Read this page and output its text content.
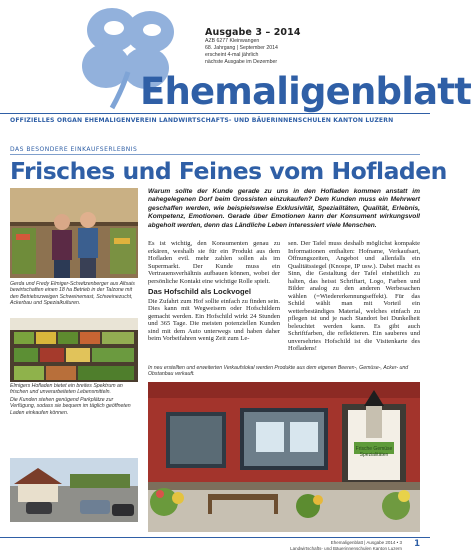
Ausgabe 3 – 2014
AZB 6277 Kleinwangen
68. Jahrgang | September 2014
erscheint 4-mal jährlich
nächste Ausgabe im Dezember
Ehemaligenblatt
OFFIZIELLES ORGAN EHEMALIGENVEREIN LANDWIRTSCHAFTS- UND BÄUERINNENSCHULEN KANTON LUZERN
DAS BESONDERE EINKAUFSERLEBNIS
Frisches und Feines vom Hofladen
Gerda und Fredy Elmiger-Schwitzenberger aus Altsais bewirtschaften einen 18 ha Betrieb in der Talzone mit den Betriebszweigen Schweinemast, Schweinezucht, Ackerbau und Spezialkulturen.
Elmigers Hofladen bietet ein breites Spektrum an frischen und unverarbeiteten Lebensmitteln.
Die Kunden stehen genügend Parkplätze zur Verfügung, sodass sie bequem im täglich geöffneten Laden einkaufen können.
Warum sollte der Kunde gerade zu uns in den Hofladen kommen anstatt im nahegelegenen Dorf beim Grossisten einzukaufen? Dem Kunden muss ein Mehrwert geschaffen werden, wie beispielsweise Exklusivität, Spezialitäten, Qualität, Erlebnis, Kompetenz, Emotionen. Gerade über Emotionen kann der Konsument wirkungsvoll abgeholt werden, denn das Ländliche Leben interessiert viele Menschen.

Es ist wichtig, den Konsumenten genau zu erkären, weshalb sie für ein Produkt aus dem Hofladen evtl. mehr zahlen sollen als im Supermarkt. Der Kunde muss ein Vertrauensverhältnis aufbauen können, wobei der persönliche Kontakt eine wichtige Rolle spielt.

Das Hofschild als Lockvogel

Die Zufahrt zum Hof sollte einfach zu finden sein. Dies kann mit Wegweisern oder Hofschildern gemacht werden. Ein Hofschild wirkt 24 Stunden und 365 Tage. Die meisten potenziellen Kunden sind mit dem Auto unterwegs und haben daher beim Vorbeifahren wenig Zeit zum Le-

sen. Der Tafel muss deshalb möglichst kompakte Informationen enthalten: Hofname, Verkaufsart, Öffnungszeiten, Angebot und allenfalls ein Qualitätssiegel (Knospe, IP usw.). Dabei macht es Sinn, die Gestaltung der Tafel einheitlich zu halten, das heisst Schriftart, Logo, Farben und Bilder analog zu den anderen Werbesachen wählen (=Wiedererkennungseffekt). Für das Schild wählt man mit Vorteil ein wetterbeständiges Material, welches einfach zu pflegen ist und je nach Standort bei Dunkelheit beleuchtet werden kann. Es gibt auch Schriftfarben, die reflektieren. Ein sauberes und unversehrtes Hofschild ist die Visitenkarte des Hofladens!

In neu erstellten und erweiterten Verkaufslokal werden Produkte aus dem eigenen Beeren-, Gemüse-, Acker- und Obstanbau verkauft.
Frische Gemüse Spezialitäten
Ehemaligenblatt | Ausgabe 2014 • 3
Landwirtschafts- und Bäuerinnenschulen Kanton Luzern 1
